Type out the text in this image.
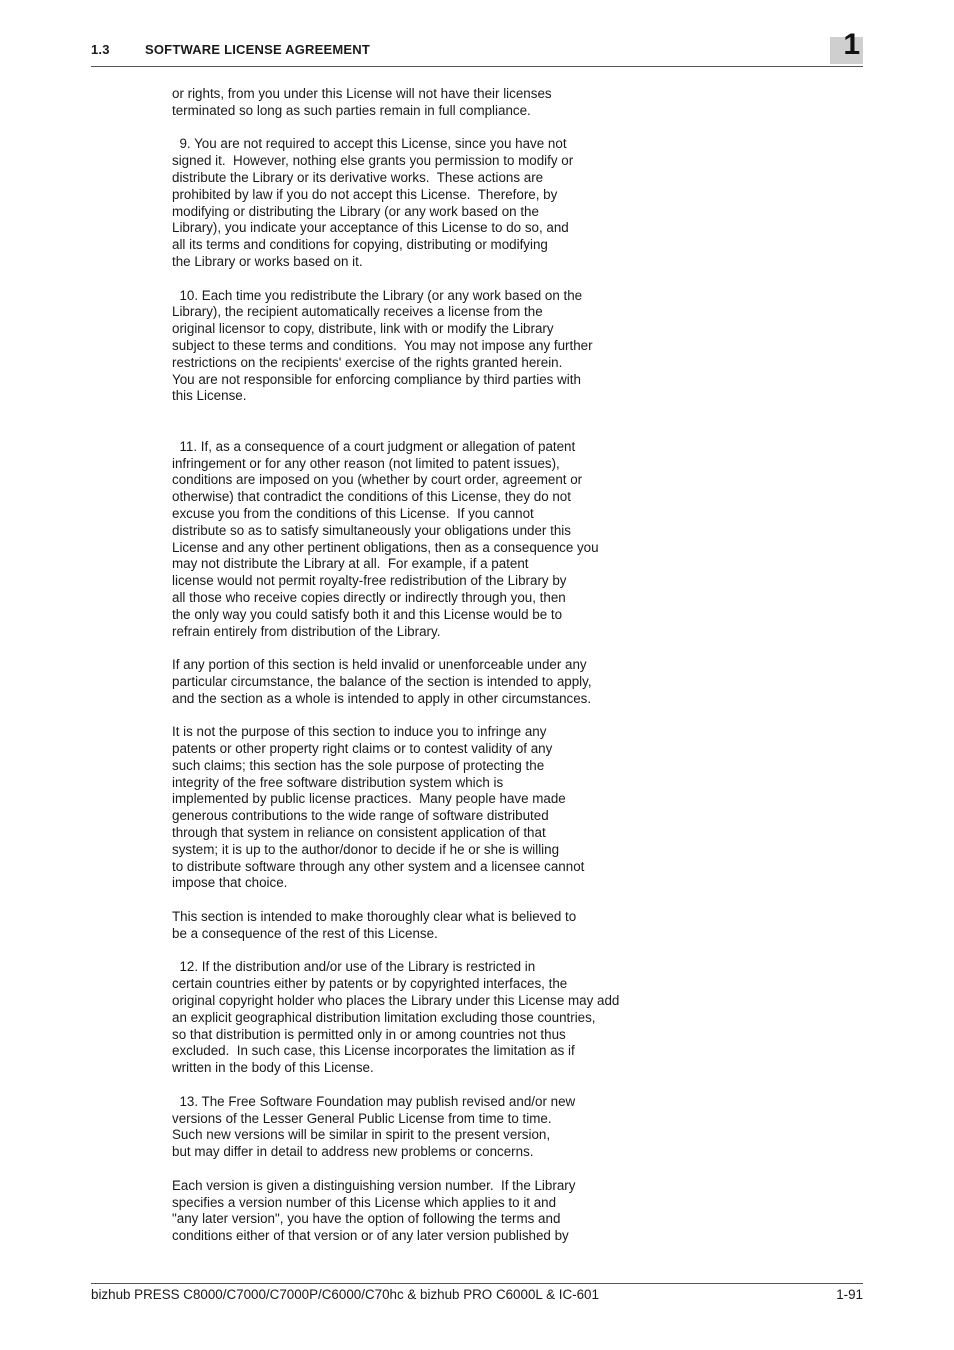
1.3	SOFTWARE LICENSE AGREEMENT	1
or rights, from you under this License will not have their licenses
terminated so long as such parties remain in full compliance.
9. You are not required to accept this License, since you have not
signed it.  However, nothing else grants you permission to modify or
distribute the Library or its derivative works.  These actions are
prohibited by law if you do not accept this License.  Therefore, by
modifying or distributing the Library (or any work based on the
Library), you indicate your acceptance of this License to do so, and
all its terms and conditions for copying, distributing or modifying
the Library or works based on it.
10. Each time you redistribute the Library (or any work based on the
Library), the recipient automatically receives a license from the
original licensor to copy, distribute, link with or modify the Library
subject to these terms and conditions.  You may not impose any further
restrictions on the recipients' exercise of the rights granted herein.
You are not responsible for enforcing compliance by third parties with
this License.
11. If, as a consequence of a court judgment or allegation of patent
infringement or for any other reason (not limited to patent issues),
conditions are imposed on you (whether by court order, agreement or
otherwise) that contradict the conditions of this License, they do not
excuse you from the conditions of this License.  If you cannot
distribute so as to satisfy simultaneously your obligations under this
License and any other pertinent obligations, then as a consequence you
may not distribute the Library at all.  For example, if a patent
license would not permit royalty-free redistribution of the Library by
all those who receive copies directly or indirectly through you, then
the only way you could satisfy both it and this License would be to
refrain entirely from distribution of the Library.
If any portion of this section is held invalid or unenforceable under any
particular circumstance, the balance of the section is intended to apply,
and the section as a whole is intended to apply in other circumstances.
It is not the purpose of this section to induce you to infringe any
patents or other property right claims or to contest validity of any
such claims; this section has the sole purpose of protecting the
integrity of the free software distribution system which is
implemented by public license practices.  Many people have made
generous contributions to the wide range of software distributed
through that system in reliance on consistent application of that
system; it is up to the author/donor to decide if he or she is willing
to distribute software through any other system and a licensee cannot
impose that choice.
This section is intended to make thoroughly clear what is believed to
be a consequence of the rest of this License.
12. If the distribution and/or use of the Library is restricted in
certain countries either by patents or by copyrighted interfaces, the
original copyright holder who places the Library under this License may add
an explicit geographical distribution limitation excluding those countries,
so that distribution is permitted only in or among countries not thus
excluded.  In such case, this License incorporates the limitation as if
written in the body of this License.
13. The Free Software Foundation may publish revised and/or new
versions of the Lesser General Public License from time to time.
Such new versions will be similar in spirit to the present version,
but may differ in detail to address new problems or concerns.
Each version is given a distinguishing version number.  If the Library
specifies a version number of this License which applies to it and
"any later version", you have the option of following the terms and
conditions either of that version or of any later version published by
bizhub PRESS C8000/C7000/C7000P/C6000/C70hc & bizhub PRO C6000L & IC-601	1-91
